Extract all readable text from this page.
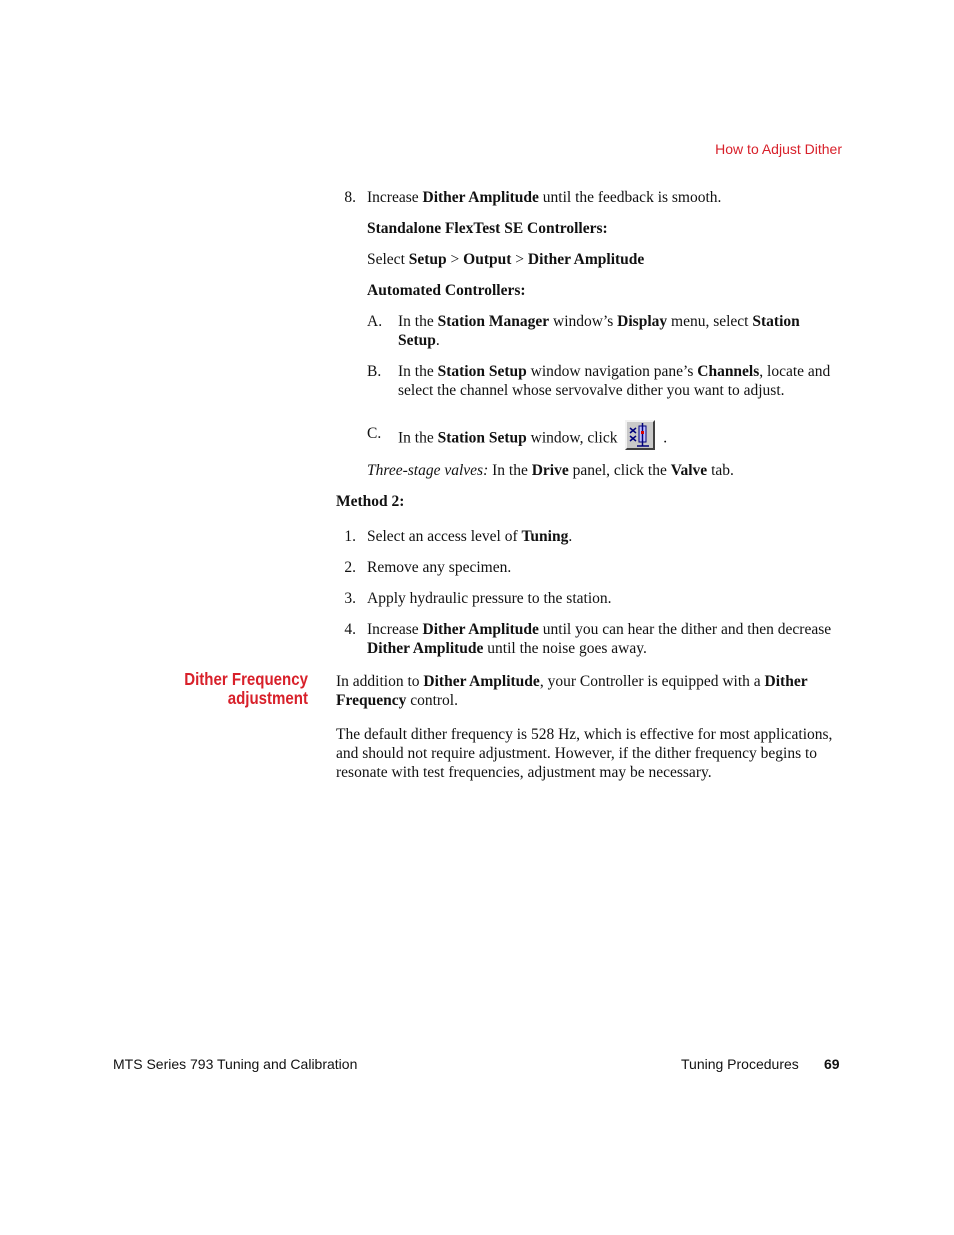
How to Adjust Dither
8. Increase Dither Amplitude until the feedback is smooth.
Standalone FlexTest SE Controllers:
Select Setup > Output > Dither Amplitude
Automated Controllers:
A. In the Station Manager window’s Display menu, select Station
Setup.
B. In the Station Setup window navigation pane’s Channels, locate and
select the channel whose servovalve dither you want to adjust.
C. In the Station Setup window, click	.
Three-stage valves: In the Drive panel, click the Valve tab.
Method 2:
1. Select an access level of Tuning.
2. Remove any specimen.
3. Apply hydraulic pressure to the station.
4. Increase Dither Amplitude until you can hear the dither and then decrease
Dither Amplitude until the noise goes away.
Dither Frequency
adjustment
In addition to Dither Amplitude, your Controller is equipped with a Dither
Frequency control.
The default dither frequency is 528 Hz, which is effective for most applications,
and should not require adjustment. However, if the dither frequency begins to
resonate with test frequencies, adjustment may be necessary.
MTS Series 793 Tuning and Calibration	Tuning Procedures 69
